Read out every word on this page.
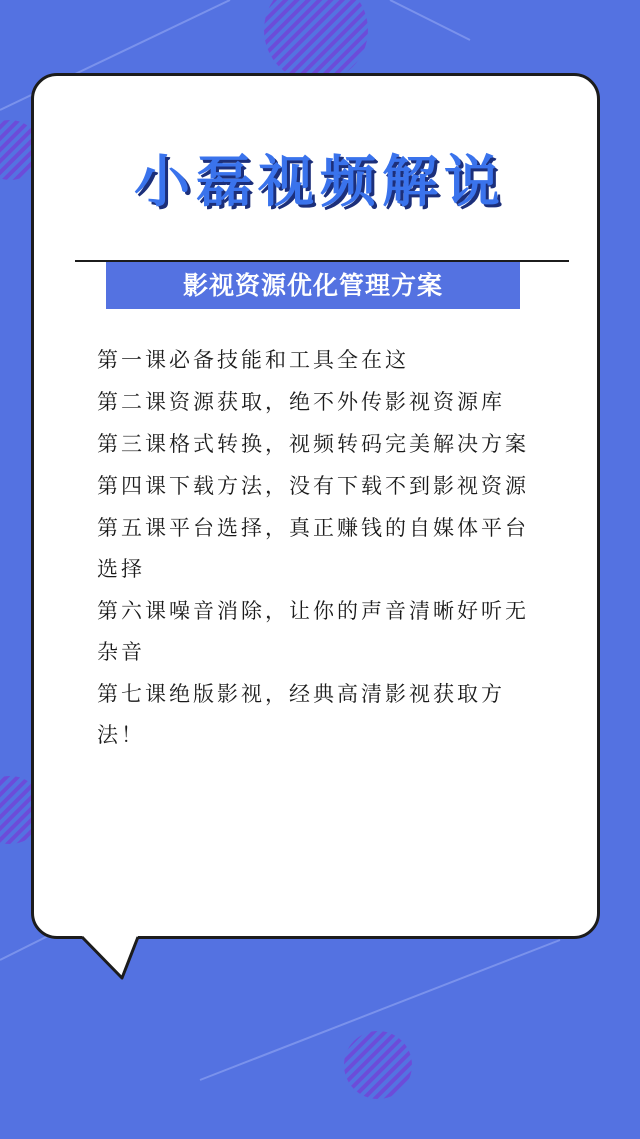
小磊视频解说
影视资源优化管理方案
第一课必备技能和工具全在这
第二课资源获取，绝不外传影视资源库
第三课格式转换，视频转码完美解决方案
第四课下载方法，没有下载不到影视资源
第五课平台选择，真正赚钱的自媒体平台选择
第六课噪音消除，让你的声音清晰好听无杂音
第七课绝版影视，经典高清影视获取方法！
